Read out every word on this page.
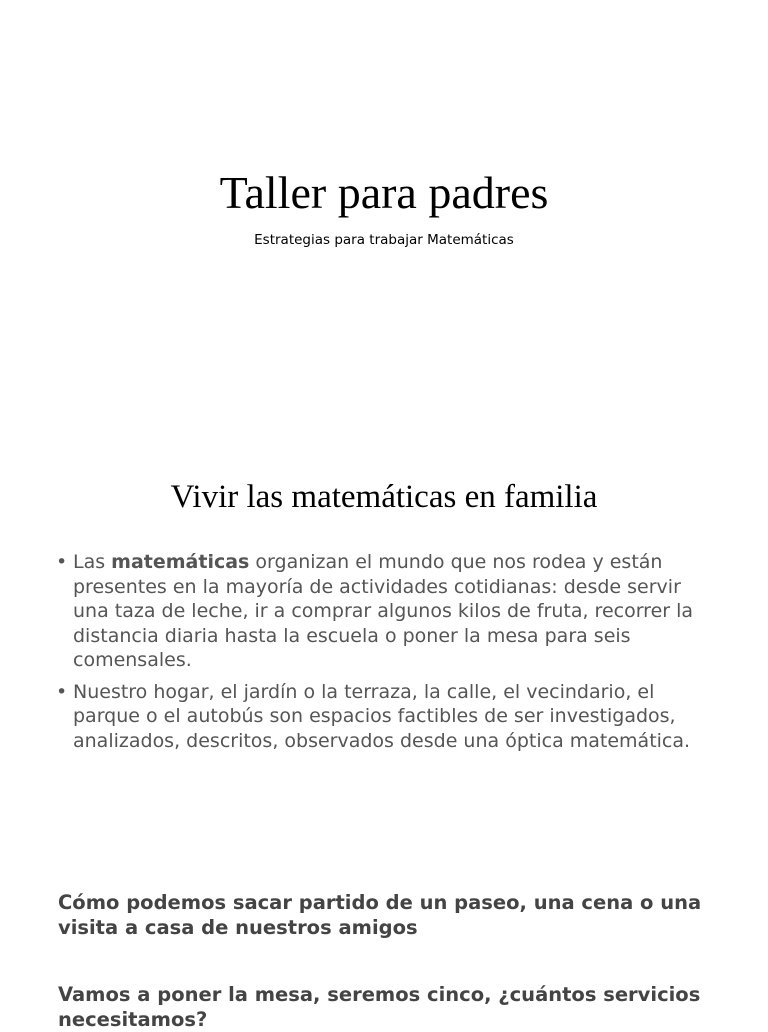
Taller para padres
Estrategias para trabajar Matemáticas
Vivir las matemáticas en familia
• Las matemáticas organizan el mundo que nos rodea y están presentes en la mayoría de actividades cotidianas: desde servir una taza de leche, ir a comprar algunos kilos de fruta, recorrer la distancia diaria hasta la escuela o poner la mesa para seis comensales.
• Nuestro hogar, el jardín o la terraza, la calle, el vecindario, el parque o el autobús son espacios factibles de ser investigados, analizados, descritos, observados desde una óptica matemática.

Cómo podemos sacar partido de un paseo, una cena o una visita a casa de nuestros amigos

Vamos a poner la mesa, seremos cinco, ¿cuántos servicios necesitamos?
